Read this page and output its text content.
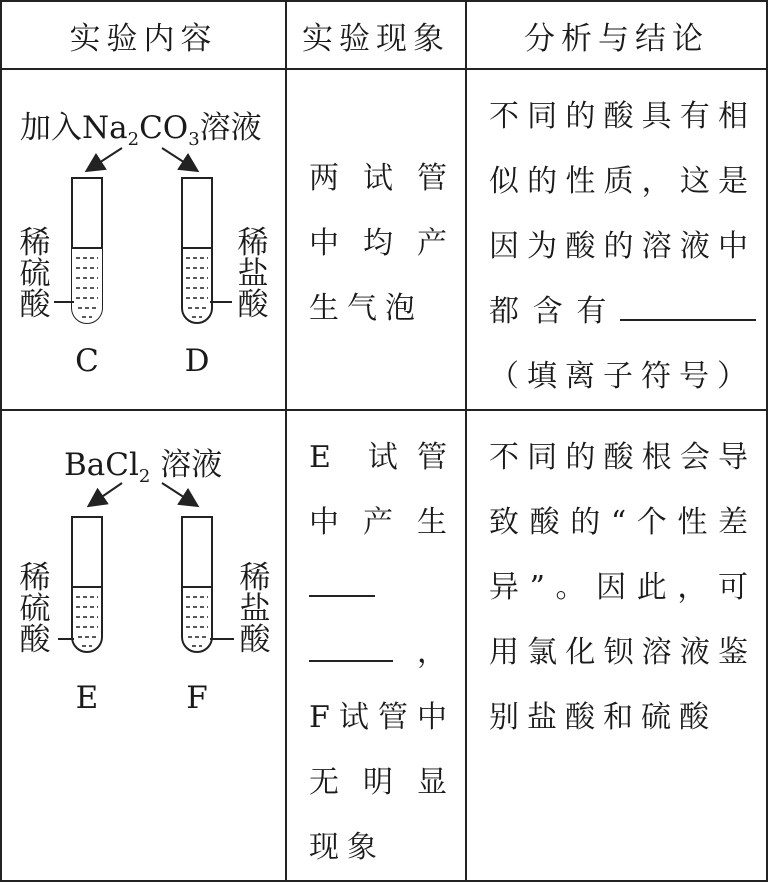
实验内容	实验现象	分析与结论

加入$Na_2CO_3$溶液
稀硫酸
稀盐酸
C D	两试管中均产生气泡	不同的酸具有相似的性质，这是因为酸的溶液中都含有（填离子符号）

BaCl$_2$ 溶液
稀硫酸
稀盐酸
E F	E 试管中产生，F试管中无明显现象	不同的酸根会导致酸的“个性差异”。因此，可用氯化钡溶液鉴别盐酸和硫酸
